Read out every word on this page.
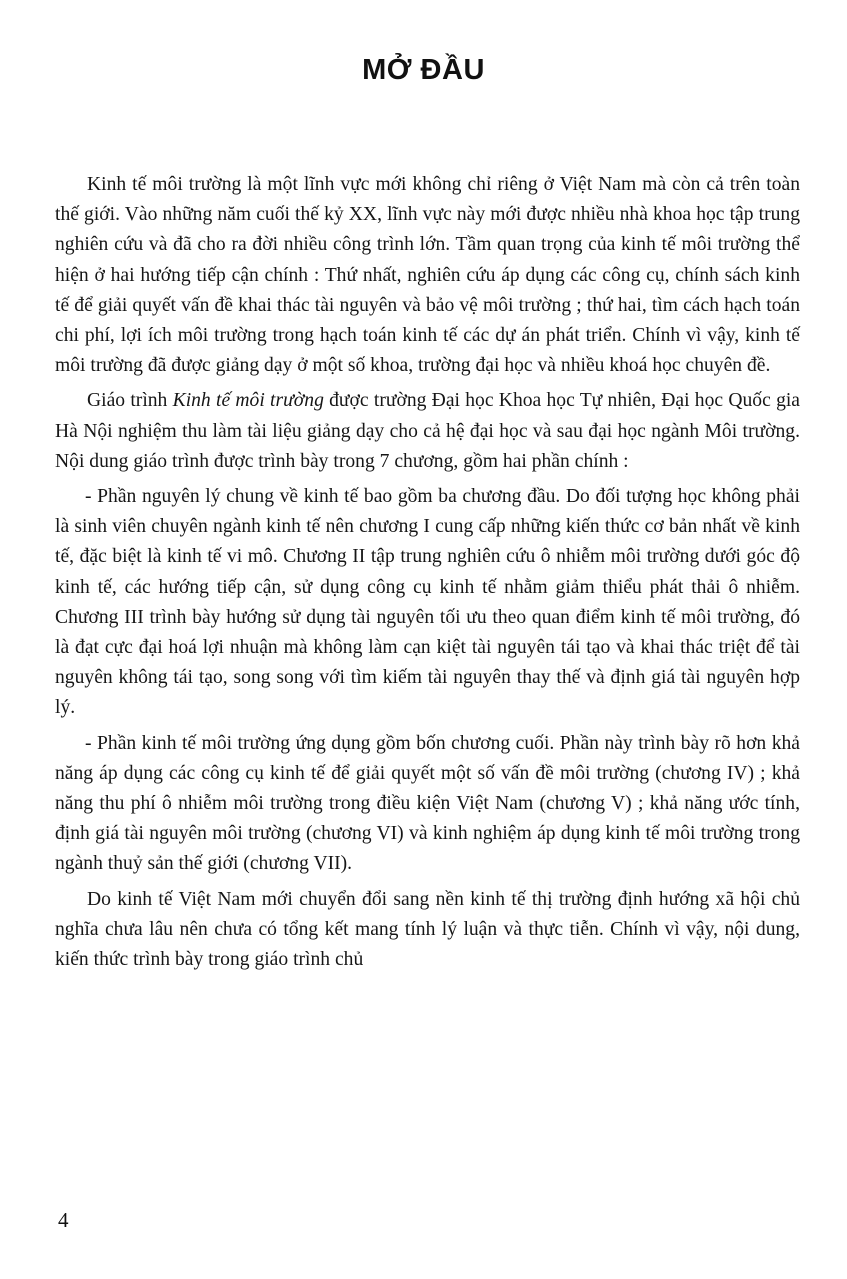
MỞ ĐẦU

Kinh tế môi trường là một lĩnh vực mới không chỉ riêng ở Việt Nam mà còn cả trên toàn thế giới. Vào những năm cuối thế kỷ XX, lĩnh vực này mới được nhiều nhà khoa học tập trung nghiên cứu và đã cho ra đời nhiều công trình lớn. Tầm quan trọng của kinh tế môi trường thể hiện ở hai hướng tiếp cận chính : Thứ nhất, nghiên cứu áp dụng các công cụ, chính sách kinh tế để giải quyết vấn đề khai thác tài nguyên và bảo vệ môi trường ; thứ hai, tìm cách hạch toán chi phí, lợi ích môi trường trong hạch toán kinh tế các dự án phát triển. Chính vì vậy, kinh tế môi trường đã được giảng dạy ở một số khoa, trường đại học và nhiều khoá học chuyên đề.

Giáo trình Kinh tế môi trường được trường Đại học Khoa học Tự nhiên, Đại học Quốc gia Hà Nội nghiệm thu làm tài liệu giảng dạy cho cả hệ đại học và sau đại học ngành Môi trường. Nội dung giáo trình được trình bày trong 7 chương, gồm hai phần chính :

- Phần nguyên lý chung về kinh tế bao gồm ba chương đầu. Do đối tượng học không phải là sinh viên chuyên ngành kinh tế nên chương I cung cấp những kiến thức cơ bản nhất về kinh tế, đặc biệt là kinh tế vi mô. Chương II tập trung nghiên cứu ô nhiễm môi trường dưới góc độ kinh tế, các hướng tiếp cận, sử dụng công cụ kinh tế nhằm giảm thiểu phát thải ô nhiễm. Chương III trình bày hướng sử dụng tài nguyên tối ưu theo quan điểm kinh tế môi trường, đó là đạt cực đại hoá lợi nhuận mà không làm cạn kiệt tài nguyên tái tạo và khai thác triệt để tài nguyên không tái tạo, song song với tìm kiếm tài nguyên thay thế và định giá tài nguyên hợp lý.

- Phần kinh tế môi trường ứng dụng gồm bốn chương cuối. Phần này trình bày rõ hơn khả năng áp dụng các công cụ kinh tế để giải quyết một số vấn đề môi trường (chương IV) ; khả năng thu phí ô nhiễm môi trường trong điều kiện Việt Nam (chương V) ; khả năng ước tính, định giá tài nguyên môi trường (chương VI) và kinh nghiệm áp dụng kinh tế môi trường trong ngành thuỷ sản thế giới (chương VII).

Do kinh tế Việt Nam mới chuyển đổi sang nền kinh tế thị trường định hướng xã hội chủ nghĩa chưa lâu nên chưa có tổng kết mang tính lý luận và thực tiễn. Chính vì vậy, nội dung, kiến thức trình bày trong giáo trình chủ

4
